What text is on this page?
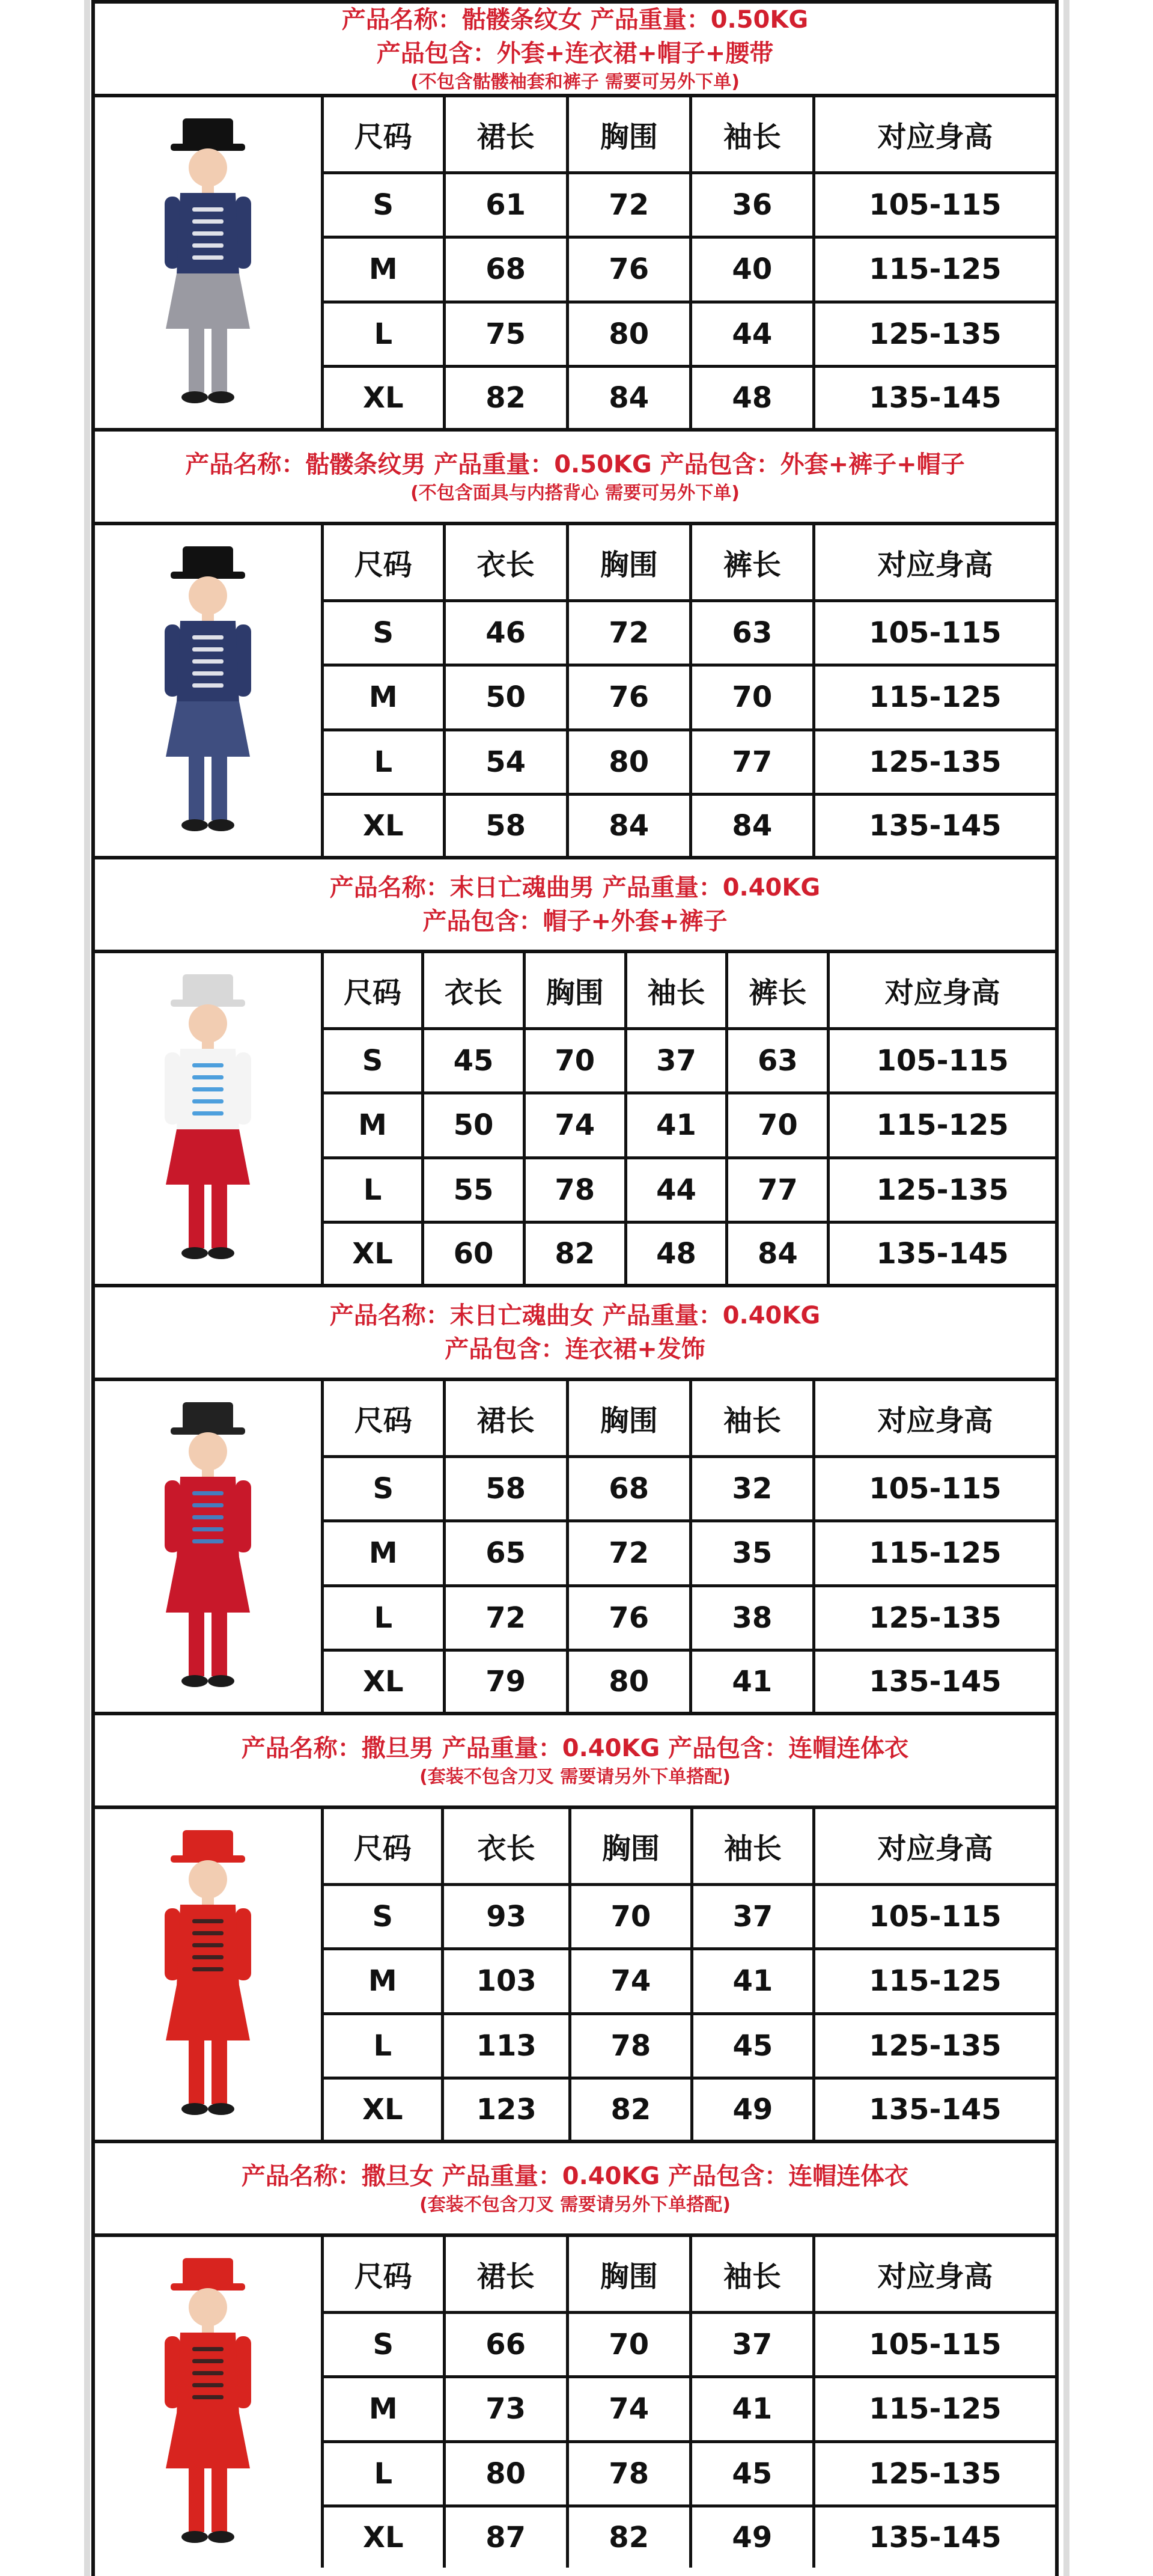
产品名称：骷髅条纹女 产品重量：0.50KG
产品包含：外套+连衣裙+帽子+腰带
(不包含骷髅袖套和裤子 需要可另外下单)
尺码	裙长	胸围	袖长	对应身高
S	61	72	36	105-115
M	68	76	40	115-125
L	75	80	44	125-135
XL	82	84	48	135-145
产品名称：骷髅条纹男 产品重量：0.50KG 产品包含：外套+裤子+帽子
(不包含面具与内搭背心 需要可另外下单)
尺码	衣长	胸围	裤长	对应身高
S	46	72	63	105-115
M	50	76	70	115-125
L	54	80	77	125-135
XL	58	84	84	135-145
产品名称：末日亡魂曲男 产品重量：0.40KG
产品包含：帽子+外套+裤子
尺码	衣长	胸围	袖长	裤长	对应身高
S	45	70	37	63	105-115
M	50	74	41	70	115-125
L	55	78	44	77	125-135
XL	60	82	48	84	135-145
产品名称：末日亡魂曲女 产品重量：0.40KG
产品包含：连衣裙+发饰
尺码	裙长	胸围	袖长	对应身高
S	58	68	32	105-115
M	65	72	35	115-125
L	72	76	38	125-135
XL	79	80	41	135-145
产品名称：撒旦男 产品重量：0.40KG 产品包含：连帽连体衣
(套装不包含刀叉 需要请另外下单搭配)
尺码	衣长	胸围	袖长	对应身高
S	93	70	37	105-115
M	103	74	41	115-125
L	113	78	45	125-135
XL	123	82	49	135-145
产品名称：撒旦女 产品重量：0.40KG 产品包含：连帽连体衣
(套装不包含刀叉 需要请另外下单搭配)
尺码	裙长	胸围	袖长	对应身高
S	66	70	37	105-115
M	73	74	41	115-125
L	80	78	45	125-135
XL	87	82	49	135-145
